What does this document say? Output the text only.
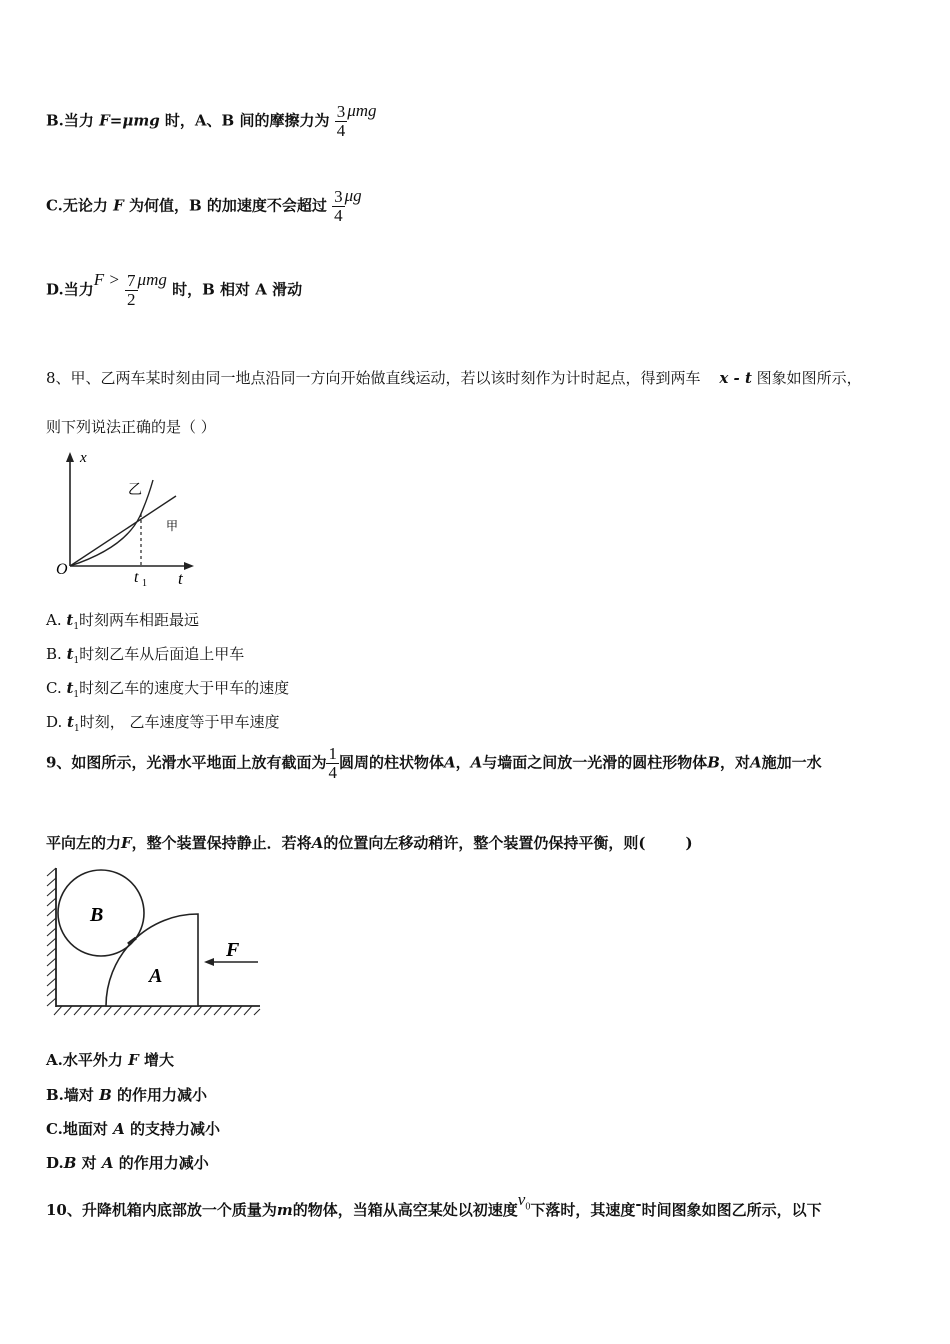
B.当力 F=μmg 时，A、B 间的摩擦力为 $\frac{3}{4}$ μmg
C.无论力 F 为何值，B 的加速度不会超过 $\frac{3}{4}$ μg
D.当力$F > \frac{7}{2}$ μmg 时，B 相对 A 滑动
8、甲、乙两车某时刻由同一地点沿同一方向开始做直线运动，若以该时刻作为计时起点，得到两车 x - t 图象如图所示，
则下列说法正确的是（ ）
x
t
O	t 1
乙
甲
A. $t_1$时刻两车相距最远
B. $t_1$时刻乙车从后面追上甲车
C. $t_1$时刻乙车的速度大于甲车的速度
D. $t_1$时刻， 乙车速度等于甲车速度
9、如图所示，光滑水平地面上放有截面为 $\frac{1}{4}$ 圆周的柱状物体A，A与墙面之间放一光滑的圆柱形物体B，对A施加一水
平向左的力F，整个装置保持静止．若将A的位置向左移动稍许，整个装置仍保持平衡，则(	)
B
A
F
A.水平外力 F 增大
B.墙对 B 的作用力减小
C.地面对 A 的支持力减小
D.B 对 A 的作用力减小
10、升降机箱内底部放一个质量为m的物体，当箱从高空某处以初速度$v_0$下落时，其速度-时间图象如图乙所示，以下
